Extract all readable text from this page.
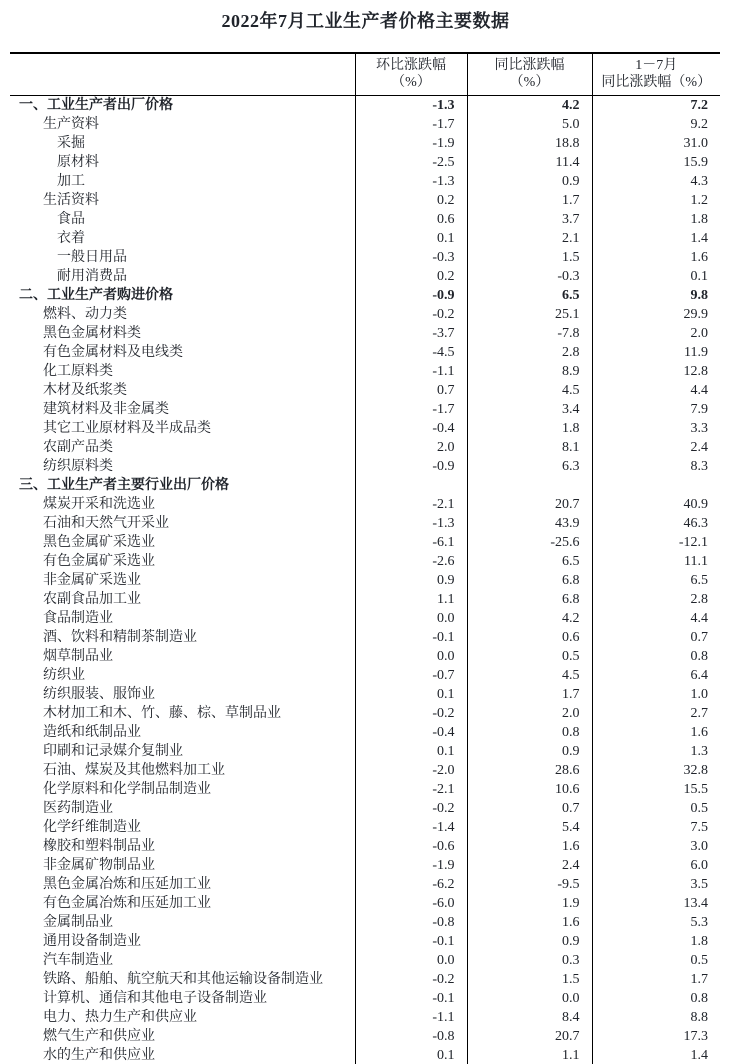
2022年7月工业生产者价格主要数据

环比涨跌幅
（%）

同比涨跌幅
（%）

1－7月
同比涨跌幅（%）

一、工业生产者出厂价格	-1.3	4.2	7.2
生产资料	-1.7	5.0	9.2
采掘	-1.9	18.8	31.0
原材料	-2.5	11.4	15.9
加工	-1.3	0.9	4.3
生活资料	0.2	1.7	1.2
食品	0.6	3.7	1.8
衣着	0.1	2.1	1.4
一般日用品	-0.3	1.5	1.6
耐用消费品	0.2	-0.3	0.1
二、工业生产者购进价格	-0.9	6.5	9.8
燃料、动力类	-0.2	25.1	29.9
黑色金属材料类	-3.7	-7.8	2.0
有色金属材料及电线类	-4.5	2.8	11.9
化工原料类	-1.1	8.9	12.8
木材及纸浆类	0.7	4.5	4.4
建筑材料及非金属类	-1.7	3.4	7.9
其它工业原材料及半成品类	-0.4	1.8	3.3
农副产品类	2.0	8.1	2.4
纺织原料类	-0.9	6.3	8.3
三、工业生产者主要行业出厂价格			
煤炭开采和洗选业	-2.1	20.7	40.9
石油和天然气开采业	-1.3	43.9	46.3
黑色金属矿采选业	-6.1	-25.6	-12.1
有色金属矿采选业	-2.6	6.5	11.1
非金属矿采选业	0.9	6.8	6.5
农副食品加工业	1.1	6.8	2.8
食品制造业	0.0	4.2	4.4
酒、饮料和精制茶制造业	-0.1	0.6	0.7
烟草制品业	0.0	0.5	0.8
纺织业	-0.7	4.5	6.4
纺织服装、服饰业	0.1	1.7	1.0
木材加工和木、竹、藤、棕、草制品业	-0.2	2.0	2.7
造纸和纸制品业	-0.4	0.8	1.6
印刷和记录媒介复制业	0.1	0.9	1.3
石油、煤炭及其他燃料加工业	-2.0	28.6	32.8
化学原料和化学制品制造业	-2.1	10.6	15.5
医药制造业	-0.2	0.7	0.5
化学纤维制造业	-1.4	5.4	7.5
橡胶和塑料制品业	-0.6	1.6	3.0
非金属矿物制品业	-1.9	2.4	6.0
黑色金属冶炼和压延加工业	-6.2	-9.5	3.5
有色金属冶炼和压延加工业	-6.0	1.9	13.4
金属制品业	-0.8	1.6	5.3
通用设备制造业	-0.1	0.9	1.8
汽车制造业	0.0	0.3	0.5
铁路、船舶、航空航天和其他运输设备制造业	-0.2	1.5	1.7
计算机、通信和其他电子设备制造业	-0.1	0.0	0.8
电力、热力生产和供应业	-1.1	8.4	8.8
燃气生产和供应业	-0.8	20.7	17.3
水的生产和供应业	0.1	1.1	1.4
